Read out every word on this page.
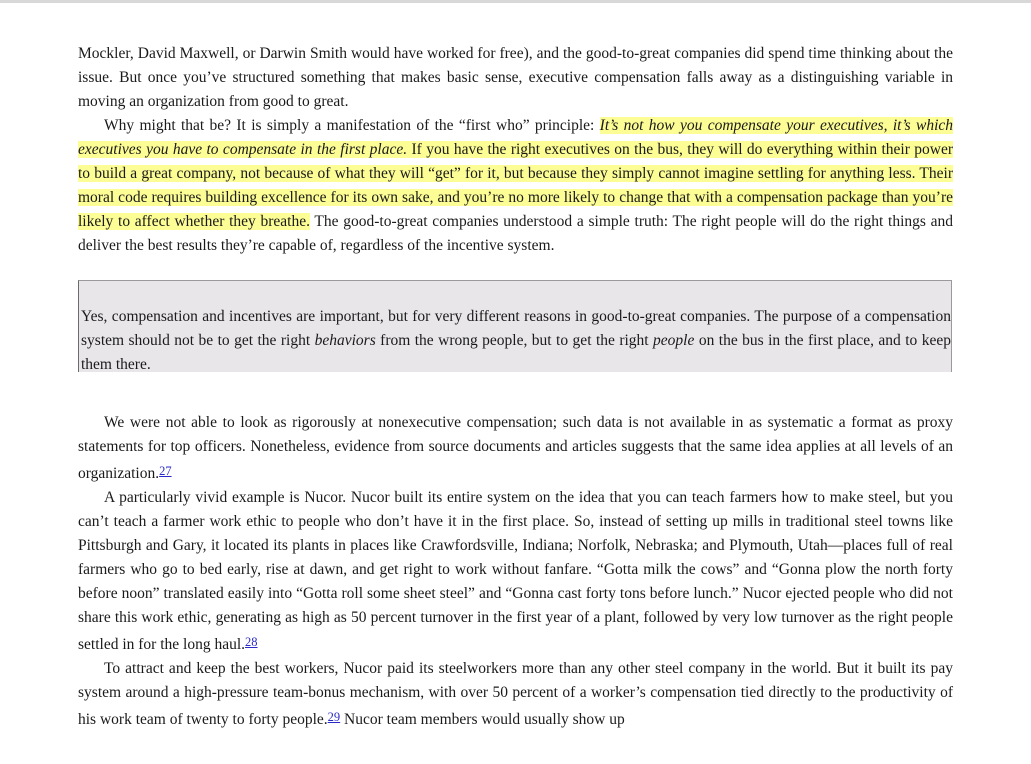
Mockler, David Maxwell, or Darwin Smith would have worked for free), and the good-to-great companies did spend time thinking about the issue. But once you’ve structured something that makes basic sense, executive compensation falls away as a distinguishing variable in moving an organization from good to great.

Why might that be? It is simply a manifestation of the “first who” principle: It’s not how you compensate your executives, it’s which executives you have to compensate in the first place. If you have the right executives on the bus, they will do everything within their power to build a great company, not because of what they will “get” for it, but because they simply cannot imagine settling for anything less. Their moral code requires building excellence for its own sake, and you’re no more likely to change that with a compensation package than you’re likely to affect whether they breathe. The good-to-great companies understood a simple truth: The right people will do the right things and deliver the best results they’re capable of, regardless of the incentive system.

Yes, compensation and incentives are important, but for very different reasons in good-to-great companies. The purpose of a compensation system should not be to get the right behaviors from the wrong people, but to get the right people on the bus in the first place, and to keep them there.

We were not able to look as rigorously at nonexecutive compensation; such data is not available in as systematic a format as proxy statements for top officers. Nonetheless, evidence from source documents and articles suggests that the same idea applies at all levels of an organization.27

A particularly vivid example is Nucor. Nucor built its entire system on the idea that you can teach farmers how to make steel, but you can’t teach a farmer work ethic to people who don’t have it in the first place. So, instead of setting up mills in traditional steel towns like Pittsburgh and Gary, it located its plants in places like Crawfordsville, Indiana; Norfolk, Nebraska; and Plymouth, Utah—places full of real farmers who go to bed early, rise at dawn, and get right to work without fanfare. “Gotta milk the cows” and “Gonna plow the north forty before noon” translated easily into “Gotta roll some sheet steel” and “Gonna cast forty tons before lunch.” Nucor ejected people who did not share this work ethic, generating as high as 50 percent turnover in the first year of a plant, followed by very low turnover as the right people settled in for the long haul.28

To attract and keep the best workers, Nucor paid its steelworkers more than any other steel company in the world. But it built its pay system around a high-pressure team-bonus mechanism, with over 50 percent of a worker’s compensation tied directly to the productivity of his work team of twenty to forty people.29 Nucor team members would usually show up
